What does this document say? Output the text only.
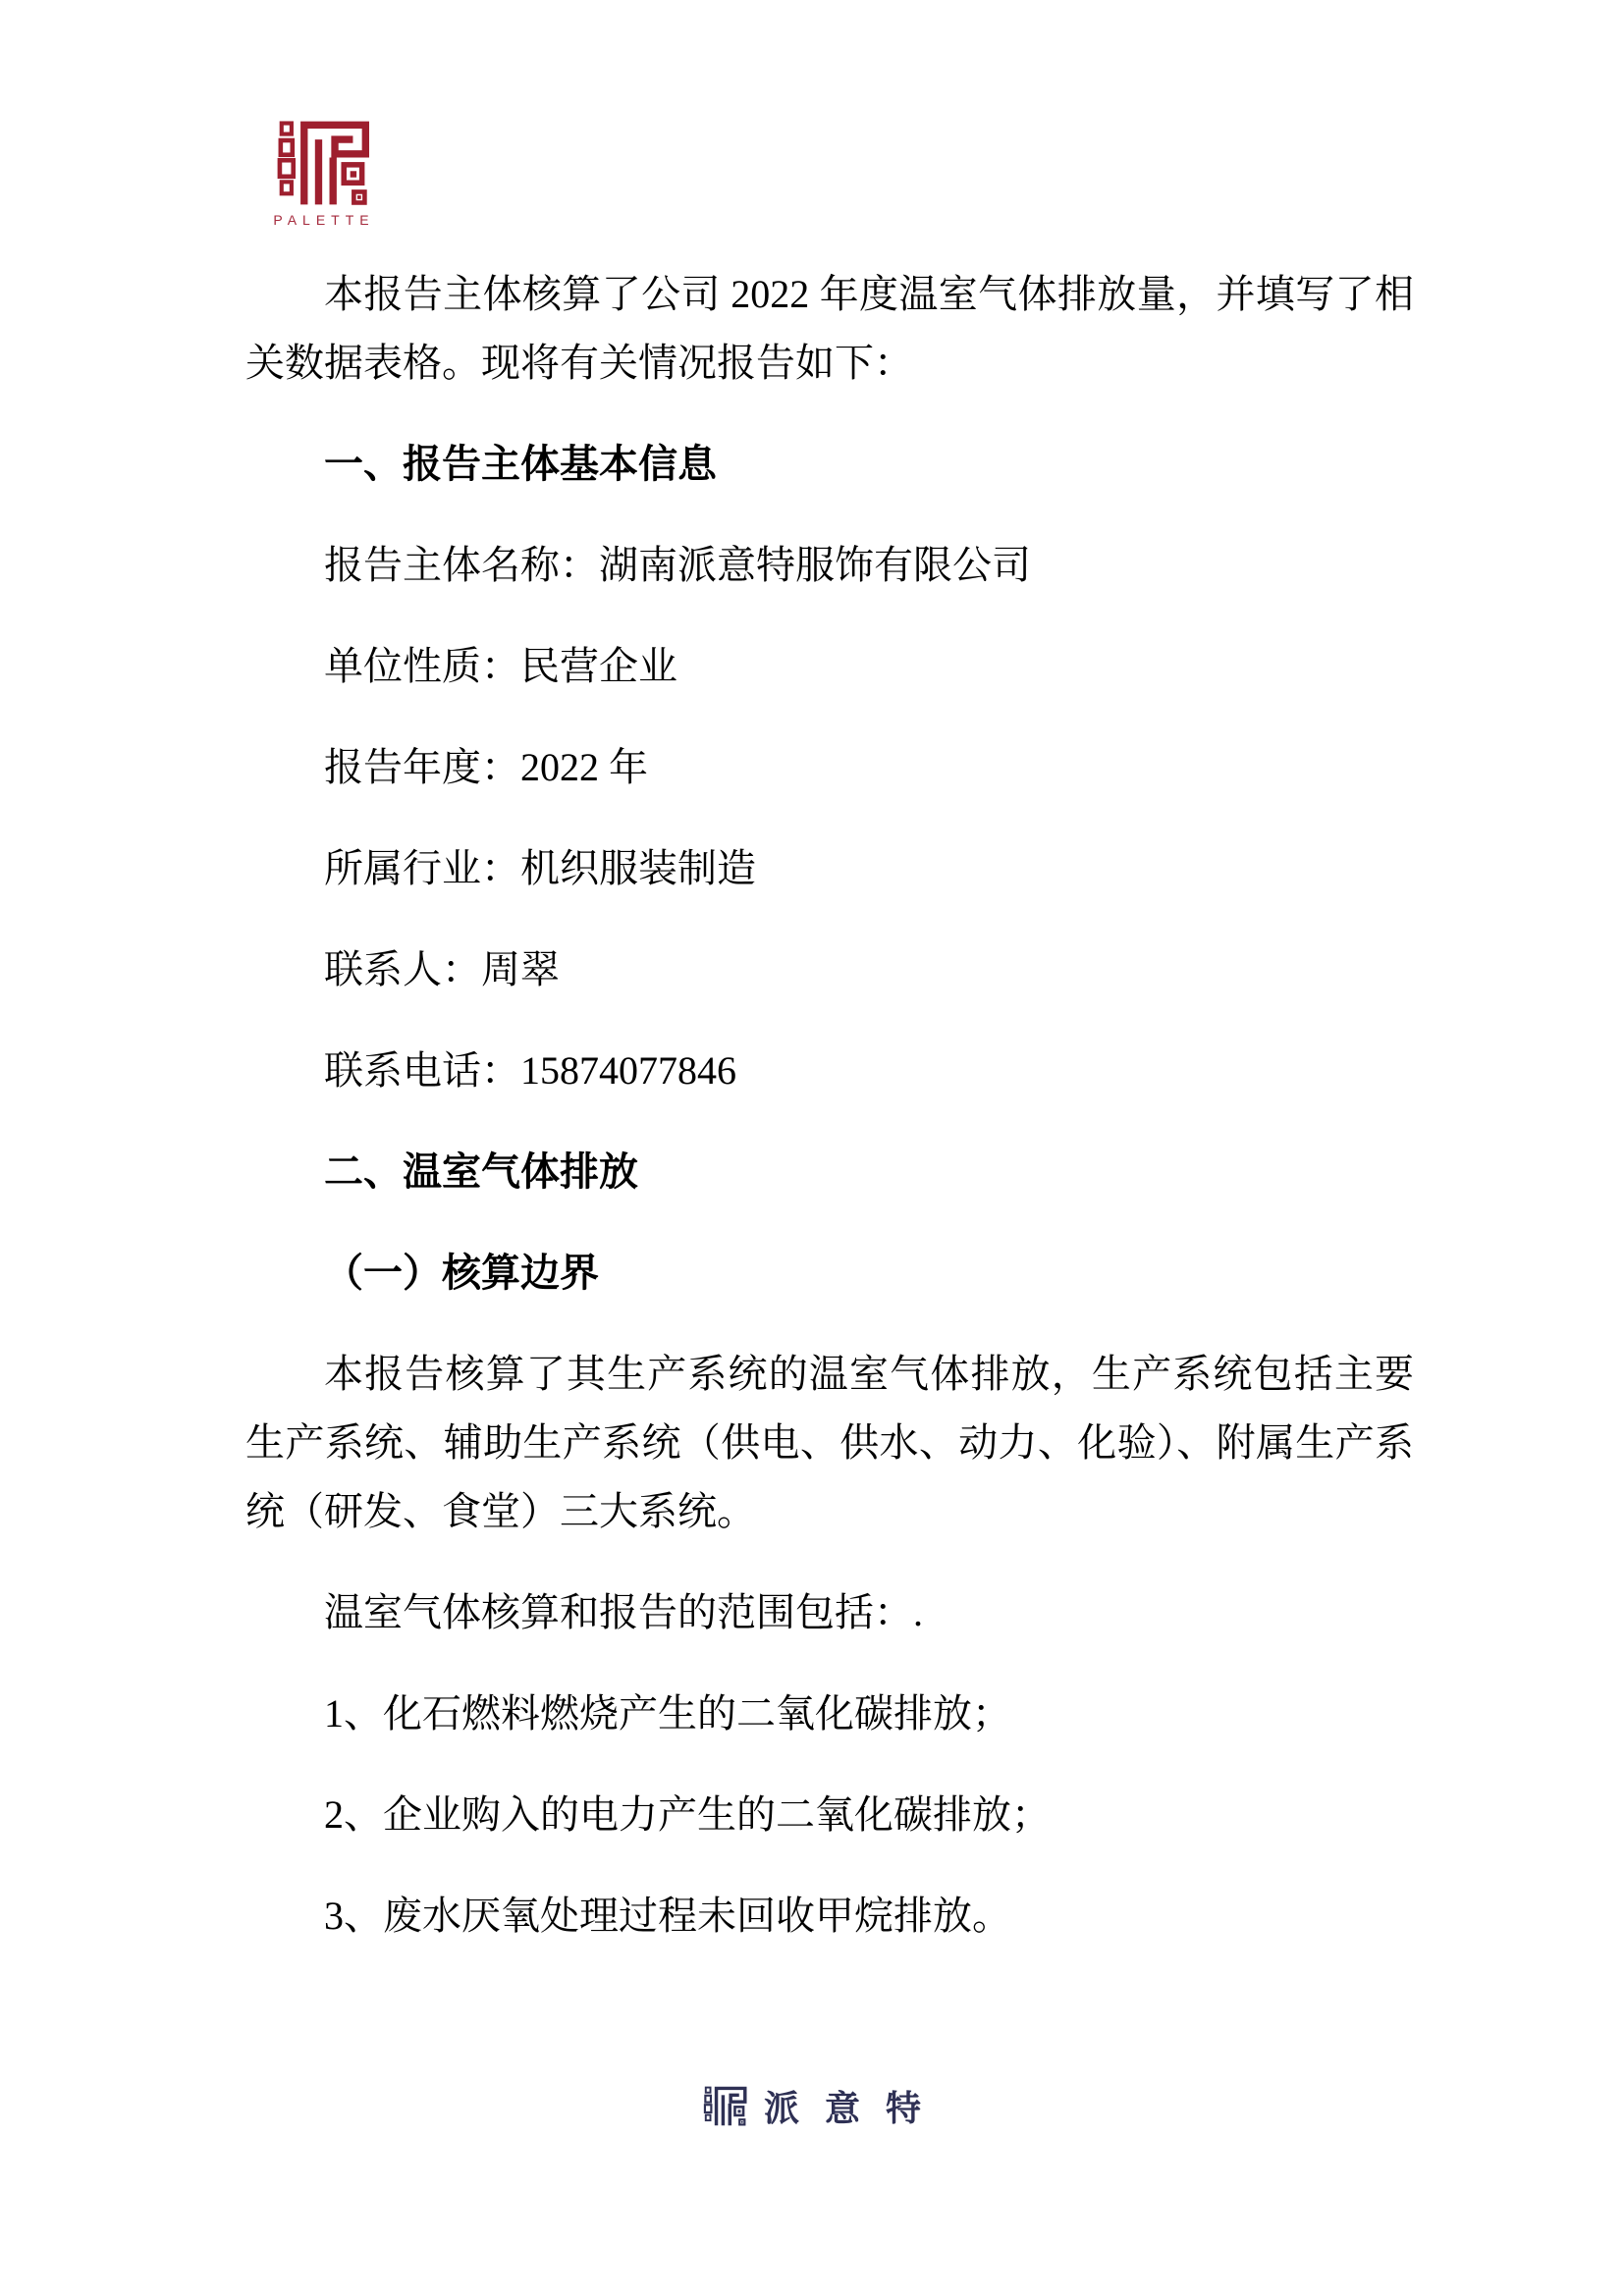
PALETTE

本报告主体核算了公司 2022 年度温室气体排放量，并填写了相关数据表格。现将有关情况报告如下：

一、报告主体基本信息

报告主体名称：湖南派意特服饰有限公司

单位性质：民营企业

报告年度：2022 年

所属行业：机织服装制造

联系人：周翠

联系电话：15874077846

二、温室气体排放

（一）核算边界

本报告核算了其生产系统的温室气体排放，生产系统包括主要生产系统、辅助生产系统（供电、供水、动力、化验）、附属生产系统（研发、食堂）三大系统。

温室气体核算和报告的范围包括：.

1、化石燃料燃烧产生的二氧化碳排放；

2、企业购入的电力产生的二氧化碳排放；

3、废水厌氧处理过程未回收甲烷排放。

派意特
